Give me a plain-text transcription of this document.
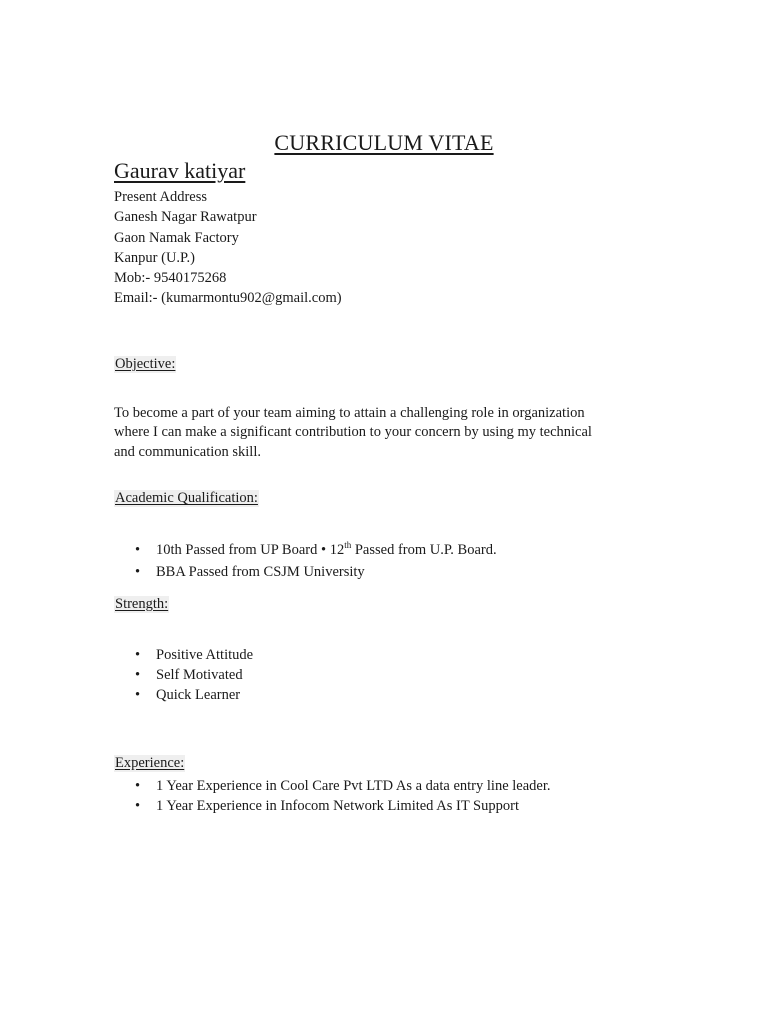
CURRICULUM VITAE
Gaurav katiyar
Present Address
Ganesh Nagar Rawatpur
Gaon Namak Factory
Kanpur (U.P.)
Mob:- 9540175268
Email:- (kumarmontu902@gmail.com)
Objective:
To become a part of your team aiming to attain a challenging role in organization
where I can make a significant contribution to your concern by using my technical
and communication skill.
Academic Qualification:
• 10th Passed from UP Board • 12th Passed from U.P. Board.
• BBA Passed from CSJM University
Strength:
• Positive Attitude
• Self Motivated
• Quick Learner
Experience:
• 1 Year Experience in Cool Care Pvt LTD As a data entry line leader.
• 1 Year Experience in Infocom Network Limited As IT Support
